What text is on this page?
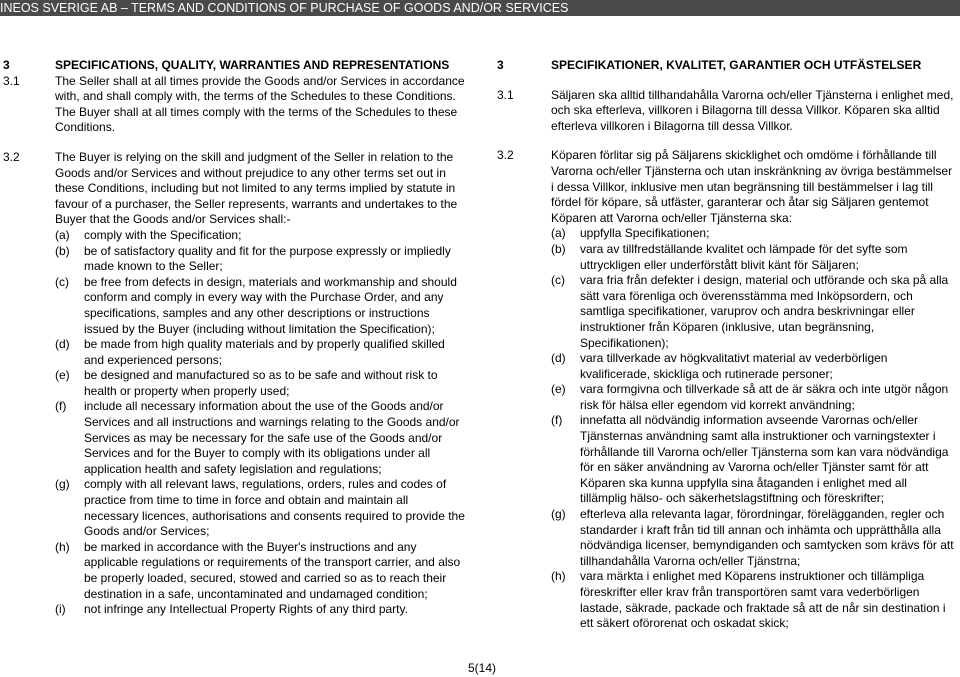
INEOS SVERIGE AB – TERMS AND CONDITIONS OF PURCHASE OF GOODS AND/OR SERVICES
3	SPECIFICATIONS, QUALITY, WARRANTIES AND REPRESENTATIONS
3.1	The Seller shall at all times provide the Goods and/or Services in accordance with, and shall comply with, the terms of the Schedules to these Conditions. The Buyer shall at all times comply with the terms of the Schedules to these Conditions.
3.2	The Buyer is relying on the skill and judgment of the Seller in relation to the Goods and/or Services and without prejudice to any other terms set out in these Conditions, including but not limited to any terms implied by statute in favour of a purchaser, the Seller represents, warrants and undertakes to the Buyer that the Goods and/or Services shall:-
(a)	comply with the Specification;
(b)	be of satisfactory quality and fit for the purpose expressly or impliedly made known to the Seller;
(c)	be free from defects in design, materials and workmanship and should conform and comply in every way with the Purchase Order, and any specifications, samples and any other descriptions or instructions issued by the Buyer (including without limitation the Specification);
(d)	be made from high quality materials and by properly qualified skilled and experienced persons;
(e)	be designed and manufactured so as to be safe and without risk to health or property when properly used;
(f)	include all necessary information about the use of the Goods and/or Services and all instructions and warnings relating to the Goods and/or Services as may be necessary for the safe use of the Goods and/or Services and for the Buyer to comply with its obligations under all application health and safety legislation and regulations;
(g)	comply with all relevant laws, regulations, orders, rules and codes of practice from time to time in force and obtain and maintain all necessary licences, authorisations and consents required to provide the Goods and/or Services;
(h)	be marked in accordance with the Buyer's instructions and any applicable regulations or requirements of the transport carrier, and also be properly loaded, secured, stowed and carried so as to reach their destination in a safe, uncontaminated and undamaged condition;
(i)	not infringe any Intellectual Property Rights of any third party.
3	SPECIFIKATIONER, KVALITET, GARANTIER OCH UTFÄSTELSER
3.1	Säljaren ska alltid tillhandahålla Varorna och/eller Tjänsterna i enlighet med, och ska efterleva, villkoren i Bilagorna till dessa Villkor. Köparen ska alltid efterleva villkoren i Bilagorna till dessa Villkor.
3.2	Köparen förlitar sig på Säljarens skicklighet och omdöme i förhållande till Varorna och/eller Tjänsterna och utan inskränkning av övriga bestämmelser i dessa Villkor, inklusive men utan begränsning till bestämmelser i lag till fördel för köpare, så utfäster, garanterar och åtar sig Säljaren gentemot Köparen att Varorna och/eller Tjänsterna ska:
(a)	uppfylla Specifikationen;
(b)	vara av tillfredställande kvalitet och lämpade för det syfte som uttryckligen eller underförstått blivit känt för Säljaren;
(c)	vara fria från defekter i design, material och utförande och ska på alla sätt vara förenliga och överensstämma med Inköpsordern, och samtliga specifikationer, varuprov och andra beskrivningar eller instruktioner från Köparen (inklusive, utan begränsning, Specifikationen);
(d)	vara tillverkade av högkvalitativt material av vederbörligen kvalificerade, skickliga och rutinerade personer;
(e)	vara formgivna och tillverkade så att de är säkra och inte utgör någon risk för hälsa eller egendom vid korrekt användning;
(f)	innefatta all nödvändig information avseende Varornas och/eller Tjänsternas användning samt alla instruktioner och varningstexter i förhållande till Varorna och/eller Tjänsterna som kan vara nödvändiga för en säker användning av Varorna och/eller Tjänster samt för att Köparen ska kunna uppfylla sina åtaganden i enlighet med all tillämplig hälso- och säkerhetslagstiftning och föreskrifter;
(g)	efterleva alla relevanta lagar, förordningar, förelägganden, regler och standarder i kraft från tid till annan och inhämta och upprätthålla alla nödvändiga licenser, bemyndiganden och samtycken som krävs för att tillhandahålla Varorna och/eller Tjänstrna;
(h)	vara märkta i enlighet med Köparens instruktioner och tillämpliga föreskrifter eller krav från transportören samt vara vederbörligen lastade, säkrade, packade och fraktade så att de når sin destination i ett säkert oförorenat och oskadat skick;
5(14)
